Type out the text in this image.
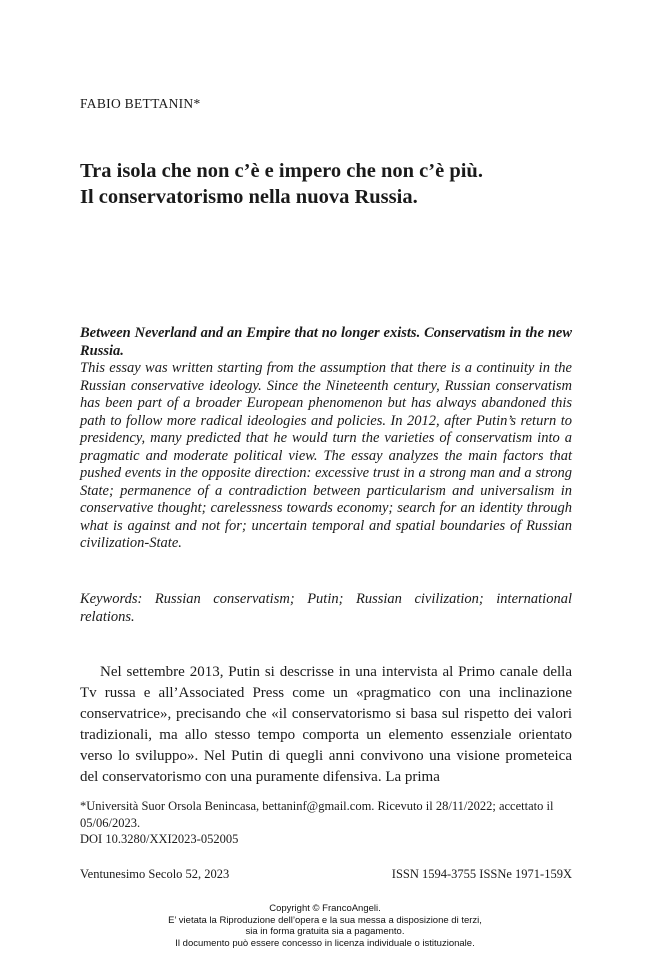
FABIO BETTANIN*
Tra isola che non c’è e impero che non c’è più.
Il conservatorismo nella nuova Russia.
Between Neverland and an Empire that no longer exists. Conservatism in the new Russia.

This essay was written starting from the assumption that there is a continuity in the Russian conservative ideology. Since the Nineteenth century, Russian conservatism has been part of a broader European phenomenon but has always abandoned this path to follow more radical ideologies and policies. In 2012, after Putin’s return to presidency, many predicted that he would turn the varieties of conservatism into a pragmatic and moderate political view. The essay analyzes the main factors that pushed events in the opposite direction: excessive trust in a strong man and a strong State; permanence of a contradiction between particularism and universalism in conservative thought; carelessness towards economy; search for an identity through what is against and not for; uncertain temporal and spatial boundaries of Russian civilization-State.

Keywords: Russian conservatism; Putin; Russian civilization; international relations.

Nel settembre 2013, Putin si descrisse in una intervista al Primo canale della Tv russa e all’Associated Press come un «pragmatico con una inclinazione conservatrice», precisando che «il conservatorismo si basa sul rispetto dei valori tradizionali, ma allo stesso tempo comporta un elemento essenziale orientato verso lo sviluppo». Nel Putin di quegli anni convivono una visione prometeica del conservatorismo con una puramente difensiva. La prima

*Università Suor Orsola Benincasa, bettaninf@gmail.com. Ricevuto il 28/11/2022; accettato il 05/06/2023.
DOI 10.3280/XXI2023-052005
Ventunesimo Secolo 52, 2023	ISSN 1594-3755 ISSNe 1971-159X
Copyright © FrancoAngeli.
E’ vietata la Riproduzione dell’opera e la sua messa a disposizione di terzi,
sia in forma gratuita sia a pagamento.
Il documento può essere concesso in licenza individuale o istituzionale.
